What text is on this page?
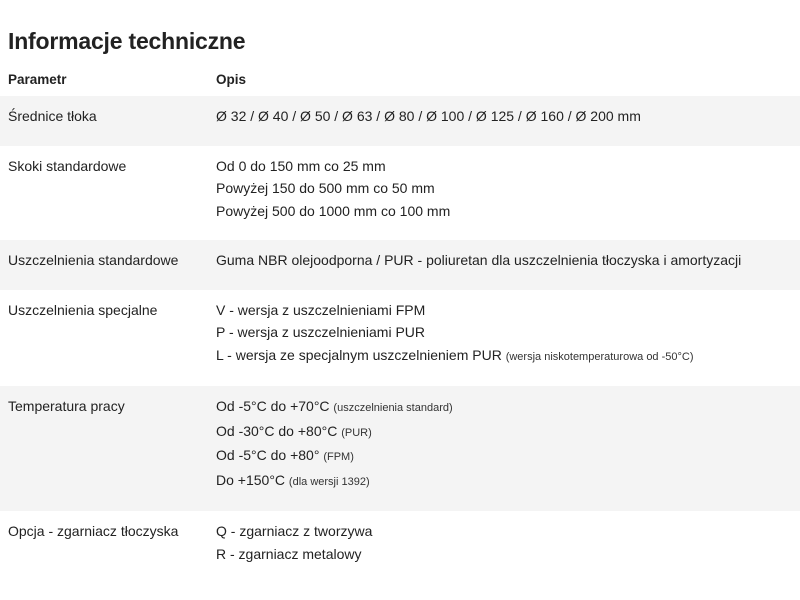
Informacje techniczne
Parametr	Opis
Średnice tłoka	Ø 32 / Ø 40 / Ø 50 / Ø 63 / Ø 80 / Ø 100 / Ø 125 / Ø 160 / Ø 200 mm

Skoki standardowe	Od 0 do 150 mm co 25 mm
Powyżej 150 do 500 mm co 50 mm
Powyżej 500 do 1000 mm co 100 mm

Uszczelnienia standardowe	Guma NBR olejoodporna / PUR - poliuretan dla uszczelnienia tłoczyska i amortyzacji

Uszczelnienia specjalne	V - wersja z uszczelnieniami FPM
P - wersja z uszczelnieniami PUR
L - wersja ze specjalnym uszczelnieniem PUR (wersja niskotemperaturowa od -50°C)

Temperatura pracy	Od -5°C do +70°C (uszczelnienia standard)
Od -30°C do +80°C (PUR)
Od -5°C do +80° (FPM)
Do +150°C (dla wersji 1392)

Opcja - zgarniacz tłoczyska	Q - zgarniacz z tworzywa
R - zgarniacz metalowy
